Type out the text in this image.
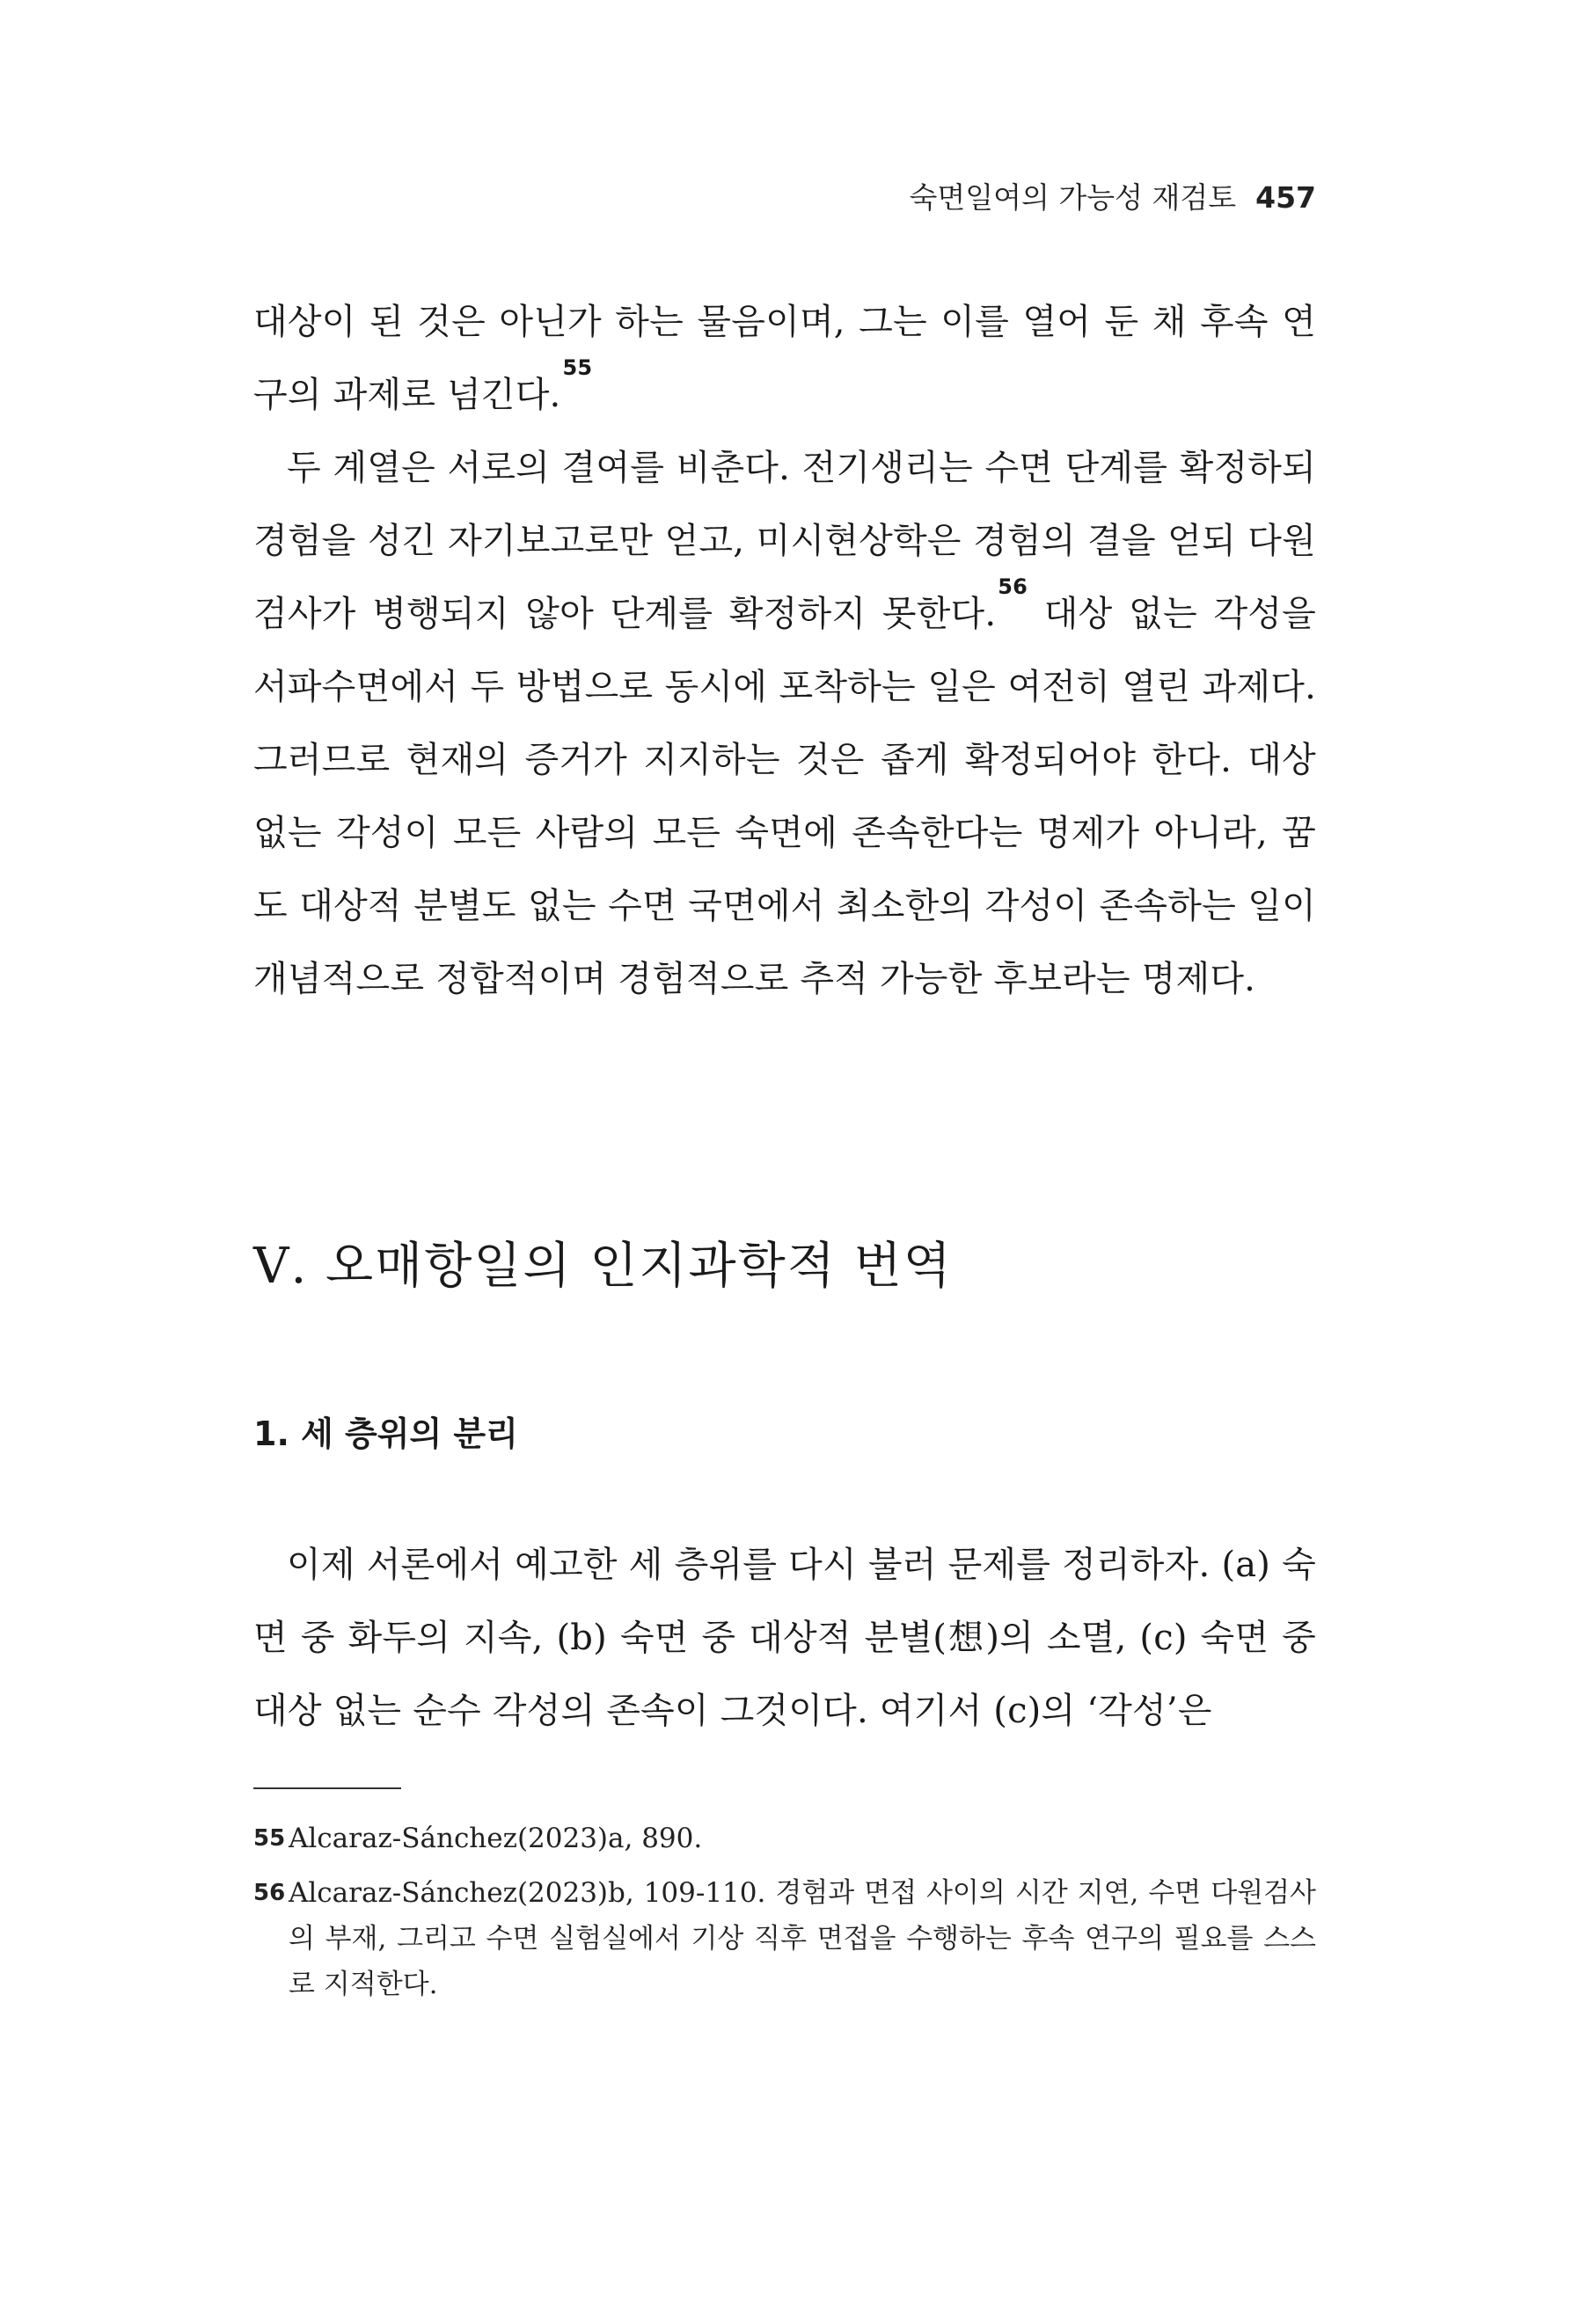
숙면일여의 가능성 재검토 457

대상이 된 것은 아닌가 하는 물음이며, 그는 이를 열어 둔 채 후속 연구의 과제로 넘긴다.$^{55}$

두 계열은 서로의 결여를 비춘다. 전기생리는 수면 단계를 확정하되 경험을 성긴 자기보고로만 얻고, 미시현상학은 경험의 결을 얻되 다원검사가 병행되지 않아 단계를 확정하지 못한다.$^{56}$ 대상 없는 각성을 서파수면에서 두 방법으로 동시에 포착하는 일은 여전히 열린 과제다. 그러므로 현재의 증거가 지지하는 것은 좁게 확정되어야 한다. 대상 없는 각성이 모든 사람의 모든 숙면에 존속한다는 명제가 아니라, 꿈도 대상적 분별도 없는 수면 국면에서 최소한의 각성이 존속하는 일이 개념적으로 정합적이며 경험적으로 추적 가능한 후보라는 명제다.

Ⅴ. 오매항일의 인지과학적 번역
1. 세 층위의 분리

이제 서론에서 예고한 세 층위를 다시 불러 문제를 정리하자. (a) 숙면 중 화두의 지속, (b) 숙면 중 대상적 분별(想)의 소멸, (c) 숙면 중 대상 없는 순수 각성의 존속이 그것이다. 여기서 (c)의 ‘각성’은

55 Alcaraz-Sánchez(2023)a, 890.
56 Alcaraz-Sánchez(2023)b, 109-110. 경험과 면접 사이의 시간 지연, 수면 다원검사의 부재, 그리고 수면 실험실에서 기상 직후 면접을 수행하는 후속 연구의 필요를 스스로 지적한다.
